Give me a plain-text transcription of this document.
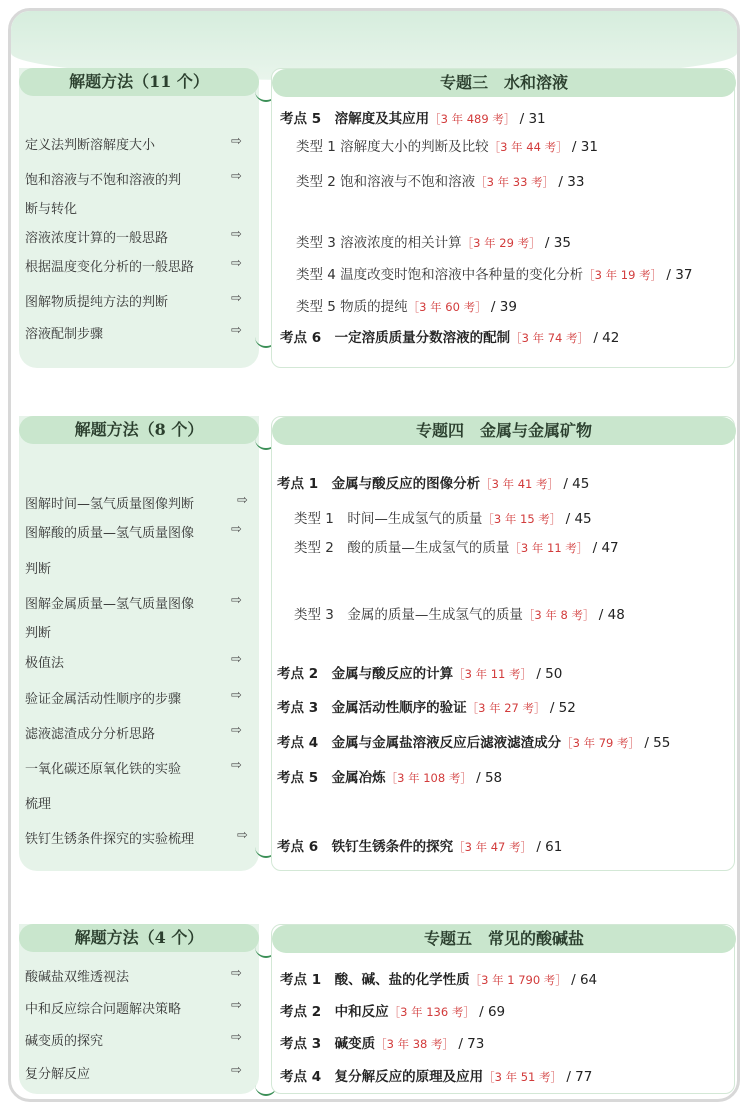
解题方法（11 个）
定义法判断溶解度大小	⇨
饱和溶液与不饱和溶液的判	⇨
断与转化
溶液浓度计算的一般思路	⇨
根据温度变化分析的一般思路	⇨
图解物质提纯方法的判断	⇨
溶液配制步骤	⇨
专题三　水和溶液
考点 5　溶解度及其应用［3 年 489 考］ / 31
类型 1 溶解度大小的判断及比较［3 年 44 考］ / 31
类型 2 饱和溶液与不饱和溶液［3 年 33 考］ / 33
类型 3 溶液浓度的相关计算［3 年 29 考］ / 35
类型 4 温度改变时饱和溶液中各种量的变化分析［3 年 19 考］ / 37
类型 5 物质的提纯［3 年 60 考］ / 39
考点 6　一定溶质质量分数溶液的配制［3 年 74 考］ / 42
解题方法（8 个）
图解时间—氢气质量图像判断	⇨
图解酸的质量—氢气质量图像	⇨
判断
图解金属质量—氢气质量图像	⇨
判断
极值法	⇨
验证金属活动性顺序的步骤	⇨
滤液滤渣成分分析思路	⇨
一氧化碳还原氧化铁的实验	⇨
梳理
铁钉生锈条件探究的实验梳理	⇨
专题四　金属与金属矿物
考点 1　金属与酸反应的图像分析［3 年 41 考］ / 45
类型 1　时间—生成氢气的质量［3 年 15 考］ / 45
类型 2　酸的质量—生成氢气的质量［3 年 11 考］ / 47
类型 3　金属的质量—生成氢气的质量［3 年 8 考］ / 48
考点 2　金属与酸反应的计算［3 年 11 考］ / 50
考点 3　金属活动性顺序的验证［3 年 27 考］ / 52
考点 4　金属与金属盐溶液反应后滤液滤渣成分［3 年 79 考］ / 55
考点 5　金属冶炼［3 年 108 考］ / 58
考点 6　铁钉生锈条件的探究［3 年 47 考］ / 61
解题方法（4 个）
酸碱盐双维透视法	⇨
中和反应综合问题解决策略	⇨
碱变质的探究	⇨
复分解反应	⇨
专题五　常见的酸碱盐
考点 1　酸、碱、盐的化学性质［3 年 1 790 考］ / 64
考点 2　中和反应［3 年 136 考］ / 69
考点 3　碱变质［3 年 38 考］ / 73
考点 4　复分解反应的原理及应用［3 年 51 考］ / 77
